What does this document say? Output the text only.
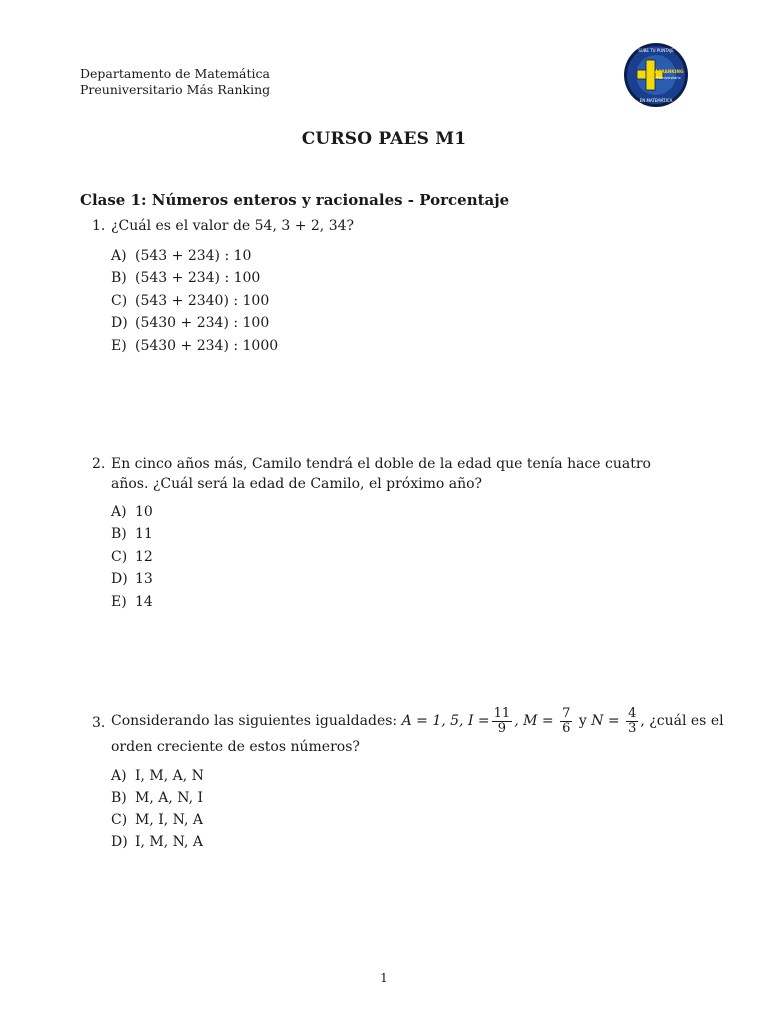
Departamento de Matemática
Preuniversitario Más Ranking
SUBE TU PUNTAJE
MÁSRANKING
Preuniversitario
EN MATEMÁTICA
CURSO PAES M1
Clase 1: Números enteros y racionales - Porcentaje
1. ¿Cuál es el valor de 54, 3 + 2, 34?
A) (543 + 234) : 10
B) (543 + 234) : 100
C) (543 + 2340) : 100
D) (5430 + 234) : 100
E) (5430 + 234) : 1000
2. En cinco años más, Camilo tendrá el doble de la edad que tenía hace cuatro años. ¿Cuál será la edad de Camilo, el próximo año?
A) 10
B) 11
C) 12
D) 13
E) 14
3. Considerando las siguientes igualdades: A = 1, 5, $I = \frac{11}{9}$ , $M = \frac{7}{6}$ y $N = \frac{4}{3}$ , ¿cuál es el
orden creciente de estos números?
A) I, M, A, N
B) M, A, N, I
C) M, I, N, A
D) I, M, N, A
1
